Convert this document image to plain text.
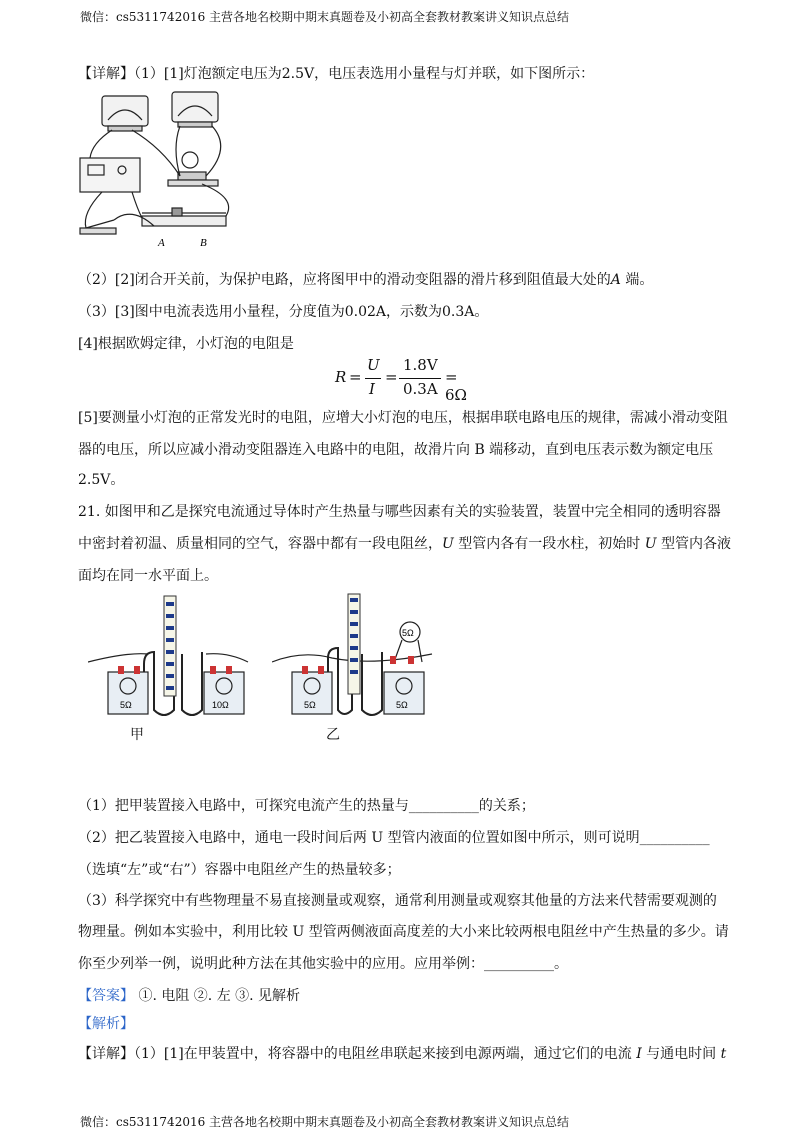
微信：cs5311742016 主营各地名校期中期末真题卷及小初高全套教材教案讲义知识点总结
【详解】（1）[1]灯泡额定电压为2.5V，电压表选用小量程与灯并联，如下图所示：
A	B
（2）[2]闭合开关前，为保护电路，应将图甲中的滑动变阻器的滑片移到阻值最大处的A 端。
（3）[3]图中电流表选用小量程，分度值为0.02A，示数为0.3A。
[4]根据欧姆定律，小灯泡的电阻是
R =
U
I
=
1.8V
0.3A
= 6Ω
[5]要测量小灯泡的正常发光时的电阻，应增大小灯泡的电压，根据串联电路电压的规律，需减小滑动变阻
器的电压，所以应减小滑动变阻器连入电路中的电阻，故滑片向 B 端移动，直到电压表示数为额定电压
2.5V。
21. 如图甲和乙是探究电流通过导体时产生热量与哪些因素有关的实验装置，装置中完全相同的透明容器
中密封着初温、质量相同的空气，容器中都有一段电阻丝，U 型管内各有一段水柱，初始时 U 型管内各液
面均在同一水平面上。
5Ω	10Ω
甲
5Ω
5Ω	5Ω
乙
（1）把甲装置接入电路中，可探究电流产生的热量与__________的关系；
（2）把乙装置接入电路中，通电一段时间后两 U 型管内液面的位置如图中所示，则可说明__________
（选填“左”或“右”）容器中电阻丝产生的热量较多；
（3）科学探究中有些物理量不易直接测量或观察，通常利用测量或观察其他量的方法来代替需要观测的
物理量。例如本实验中，利用比较 U 型管两侧液面高度差的大小来比较两根电阻丝中产生热量的多少。请
你至少列举一例，说明此种方法在其他实验中的应用。应用举例：__________。
【答案】 ①. 电阻 ②. 左 ③. 见解析
【解析】
【详解】（1）[1]在甲装置中，将容器中的电阻丝串联起来接到电源两端，通过它们的电流 I 与通电时间 t
微信：cs5311742016 主营各地名校期中期末真题卷及小初高全套教材教案讲义知识点总结
